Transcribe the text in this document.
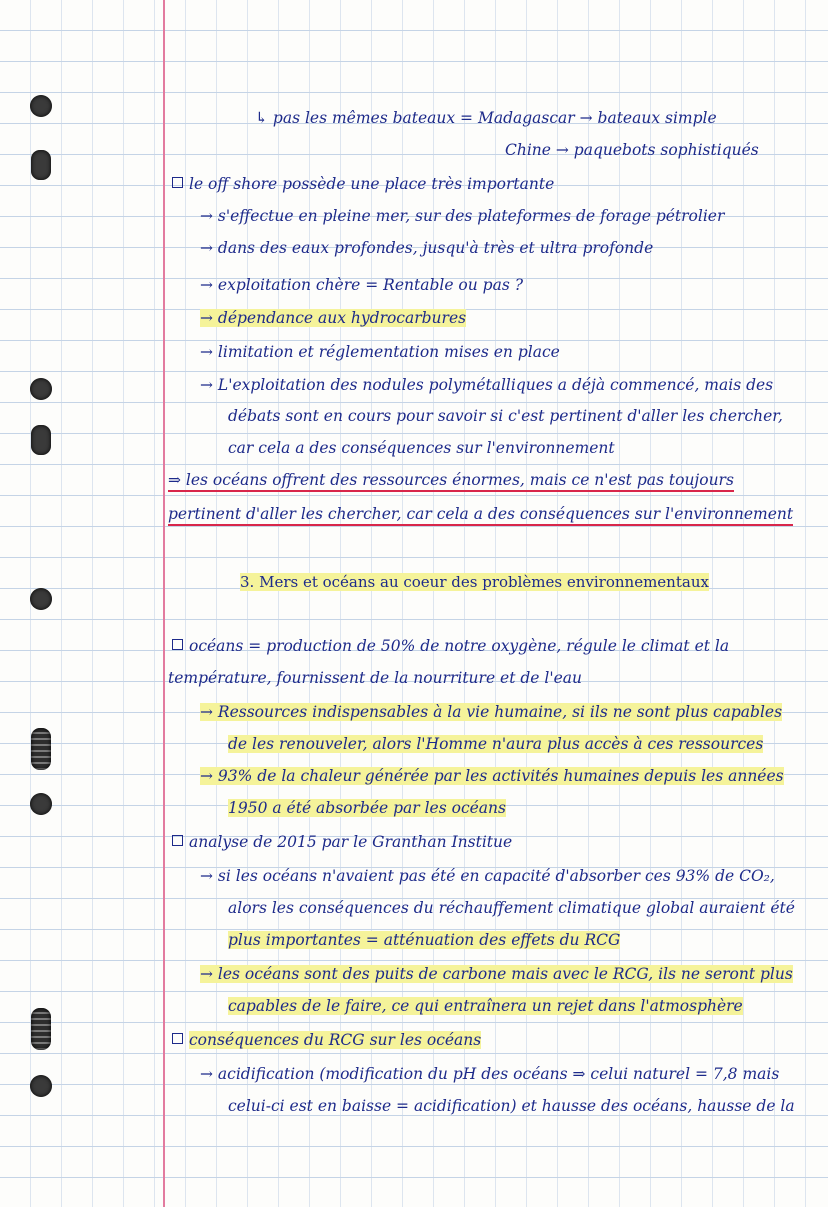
↳ pas les mêmes bateaux = Madagascar → bateaux simple
Chine → paquebots sophistiqués
le off shore possède une place très importante
→ s'effectue en pleine mer, sur des plateformes de forage pétrolier
→ dans des eaux profondes, jusqu'à très et ultra profonde
→ exploitation chère = Rentable ou pas ?
→ dépendance aux hydrocarbures
→ limitation et réglementation mises en place
→ L'exploitation des nodules polymétalliques a déjà commencé, mais des
débats sont en cours pour savoir si c'est pertinent d'aller les chercher,
car cela a des conséquences sur l'environnement
⇒ les océans offrent des ressources énormes, mais ce n'est pas toujours
pertinent d'aller les chercher, car cela a des conséquences sur l'environnement
3. Mers et océans au coeur des problèmes environnementaux
océans = production de 50% de notre oxygène, régule le climat et la
température, fournissent de la nourriture et de l'eau
→ Ressources indispensables à la vie humaine, si ils ne sont plus capables
de les renouveler, alors l'Homme n'aura plus accès à ces ressources
→ 93% de la chaleur générée par les activités humaines depuis les années
1950 a été absorbée par les océans
analyse de 2015 par le Granthan Institue
→ si les océans n'avaient pas été en capacité d'absorber ces 93% de CO₂,
alors les conséquences du réchauffement climatique global auraient été
plus importantes = atténuation des effets du RCG
→ les océans sont des puits de carbone mais avec le RCG, ils ne seront plus
capables de le faire, ce qui entraînera un rejet dans l'atmosphère
conséquences du RCG sur les océans
→ acidification (modification du pH des océans ⇒ celui naturel = 7,8 mais
celui-ci est en baisse = acidification) et hausse des océans, hausse de la
